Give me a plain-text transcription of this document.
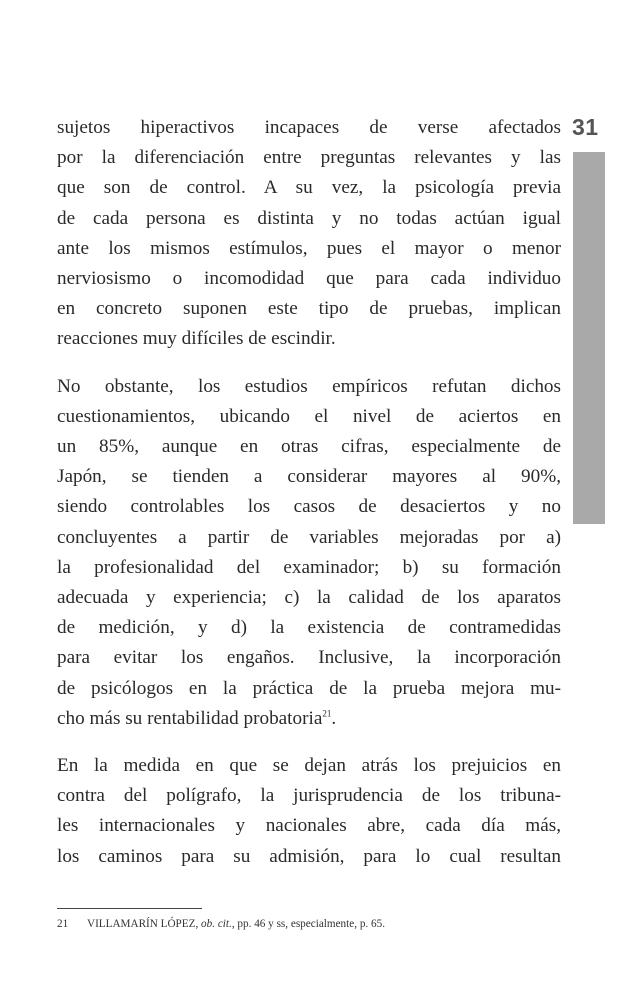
31

sujetos hiperactivos incapaces de verse afectados
por la diferenciación entre preguntas relevantes y las
que son de control. A su vez, la psicología previa
de cada persona es distinta y no todas actúan igual
ante los mismos estímulos, pues el mayor o menor
nerviosismo o incomodidad que para cada individuo
en concreto suponen este tipo de pruebas, implican
reacciones muy difíciles de escindir.

No obstante, los estudios empíricos refutan dichos
cuestionamientos, ubicando el nivel de aciertos en
un 85%, aunque en otras cifras, especialmente de
Japón, se tienden a considerar mayores al 90%,
siendo controlables los casos de desaciertos y no
concluyentes a partir de variables mejoradas por a)
la profesionalidad del examinador; b) su formación
adecuada y experiencia; c) la calidad de los aparatos
de medición, y d) la existencia de contramedidas
para evitar los engaños. Inclusive, la incorporación
de psicólogos en la práctica de la prueba mejora mu-
cho más su rentabilidad probatoria$^{21}$.

En la medida en que se dejan atrás los prejuicios en
contra del polígrafo, la jurisprudencia de los tribuna-
les internacionales y nacionales abre, cada día más,
los caminos para su admisión, para lo cual resultan

21 VILLAMARÍN LÓPEZ, ob. cit., pp. 46 y ss, especialmente, p. 65.
